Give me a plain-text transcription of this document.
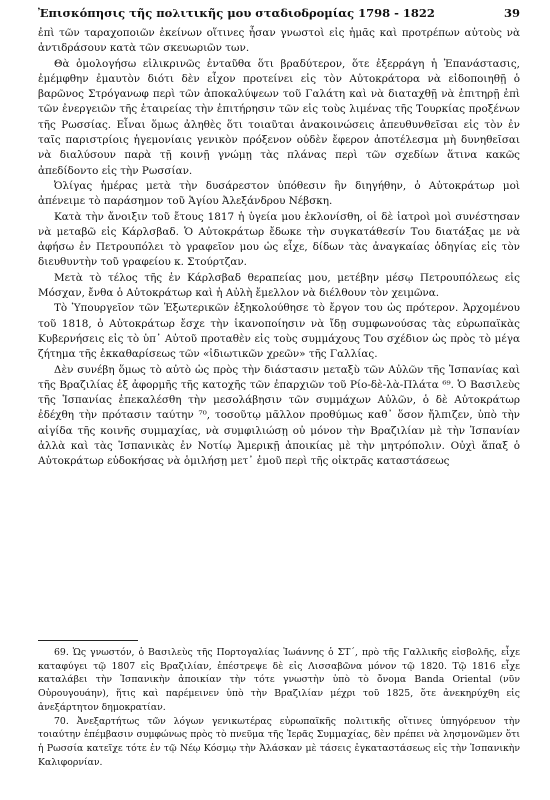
Ἐπισκόπησις τῆς πολιτικῆς μου σταδιοδρομίας 1798 - 1822	39

ἐπὶ τῶν ταραχοποιῶν ἐκείνων οἵτινες ἦσαν γνωστοὶ εἰς ἡμᾶς καὶ προτρέπων αὐτοὺς νὰ ἀντιδράσουν κατὰ τῶν σκευωριῶν των.

Θὰ ὁμολογήσω εἰλικρινῶς ἐνταῦθα ὅτι βραδύτερον, ὅτε ἐξερράγη ἡ Ἐπανάστασις, ἐμέμφθην ἐμαυτὸν διότι δὲν εἶχον προτείνει εἰς τὸν Αὐτοκράτορα νὰ εἰδοποιηθῇ ὁ βαρῶνος Στρόγανωφ περὶ τῶν ἀποκαλύψεων τοῦ Γαλάτη καὶ νὰ διαταχθῇ νὰ ἐπιτηρῇ ἐπὶ τῶν ἐνεργειῶν τῆς ἑταιρείας τὴν ἐπιτήρησιν τῶν εἰς τοὺς λιμένας τῆς Τουρκίας προξένων τῆς Ρωσσίας. Εἶναι ὅμως ἀληθὲς ὅτι τοιαῦται ἀνακοινώσεις ἀπευθυνθεῖσαι εἰς τὸν ἐν ταῖς παριστρίοις ἡγεμονίαις γενικὸν πρόξενον οὐδὲν ἔφερον ἀποτέλεσμα μὴ δυνηθεῖσαι νὰ διαλύσουν παρὰ τῇ κοινῇ γνώμῃ τὰς πλάνας περὶ τῶν σχεδίων ἅτινα κακῶς ἀπεδίδοντο εἰς τὴν Ρωσσίαν.

Ὀλίγας ἡμέρας μετὰ τὴν δυσάρεστον ὑπόθεσιν ἣν διηγήθην, ὁ Αὐτοκράτωρ μοὶ ἀπένειμε τὸ παράσημον τοῦ Ἁγίου Ἀλεξάνδρου Νέβσκη.

Κατὰ τὴν ἄνοιξιν τοῦ ἔτους 1817 ἡ ὑγεία μου ἐκλονίσθη, οἱ δὲ ἰατροὶ μοὶ συνέστησαν νὰ μεταβῶ εἰς Κάρλσβαδ. Ὁ Αὐτοκράτωρ ἔδωκε τὴν συγκατάθεσίν Του διατάξας με νὰ ἀφήσω ἐν Πετρουπόλει τὸ γραφεῖον μου ὡς εἶχε, δίδων τὰς ἀναγκαίας ὁδηγίας εἰς τὸν διευθυντὴν τοῦ γραφείου κ. Στούρτζαν.

Μετὰ τὸ τέλος τῆς ἐν Κάρλσβαδ θεραπείας μου, μετέβην μέσῳ Πετρουπόλεως εἰς Μόσχαν, ἔνθα ὁ Αὐτοκράτωρ καὶ ἡ Αὐλὴ ἔμελλον νὰ διέλθουν τὸν χειμῶνα.

Τὸ Ὑπουργεῖον τῶν Ἐξωτερικῶν ἐξηκολούθησε τὸ ἔργον του ὡς πρότερον. Ἀρχομένου τοῦ 1818, ὁ Αὐτοκράτωρ ἔσχε τὴν ἱκανοποίησιν νὰ ἴδῃ συμφωνούσας τὰς εὐρωπαϊκὰς Κυβερνήσεις εἰς τὸ ὑπ᾽ Αὐτοῦ προταθὲν εἰς τοὺς συμμάχους Του σχέδιον ὡς πρὸς τὸ μέγα ζήτημα τῆς ἐκκαθαρίσεως τῶν «ἰδιωτικῶν χρεῶν» τῆς Γαλλίας.

Δὲν συνέβη ὅμως τὸ αὐτὸ ὡς πρὸς τὴν διάστασιν μεταξὺ τῶν Αὐλῶν τῆς Ἱσπανίας καὶ τῆς Βραζιλίας ἐξ ἀφορμῆς τῆς κατοχῆς τῶν ἐπαρχιῶν τοῦ Ρίο-δὲ-λὰ-Πλάτα ⁶⁹. Ὁ Βασιλεὺς τῆς Ἱσπανίας ἐπεκαλέσθη τὴν μεσολάβησιν τῶν συμμάχων Αὐλῶν, ὁ δὲ Αὐτοκράτωρ ἐδέχθη τὴν πρότασιν ταύτην ⁷⁰, τοσοῦτῳ μᾶλλον προθύμως καθ᾽ ὅσον ἤλπιζεν, ὑπὸ τὴν αἰγίδα τῆς κοινῆς συμμαχίας, νὰ συμφιλιώσῃ οὐ μόνον τὴν Βραζιλίαν μὲ τὴν Ἱσπανίαν ἀλλὰ καὶ τὰς Ἱσπανικὰς ἐν Νοτίῳ Ἀμερικῇ ἀποικίας μὲ τὴν μητρόπολιν. Οὐχὶ ἅπαξ ὁ Αὐτοκράτωρ εὐδοκήσας νὰ ὁμιλήσῃ μετ᾽ ἐμοῦ περὶ τῆς οἰκτρᾶς καταστάσεως

69. Ὡς γνωστόν, ὁ Βασιλεὺς τῆς Πορτογαλίας Ἰωάννης ὁ ΣΤ΄, πρὸ τῆς Γαλλικῆς εἰσβολῆς, εἶχε καταφύγει τῷ 1807 εἰς Βραζιλίαν, ἐπέστρεψε δὲ εἰς Λισσαβῶνα μόνον τῷ 1820. Τῷ 1816 εἶχε καταλάβει τὴν Ἱσπανικὴν ἀποικίαν τὴν τότε γνωστὴν ὑπὸ τὸ ὄνομα Banda Oriental (νῦν Οὐρουγουάην), ἥτις καὶ παρέμεινεν ὑπὸ τὴν Βραζιλίαν μέχρι τοῦ 1825, ὅτε ἀνεκηρύχθη εἰς ἀνεξάρτητον δημοκρατίαν.

70. Ἀνεξαρτήτως τῶν λόγων γενικωτέρας εὐρωπαϊκῆς πολιτικῆς οἵτινες ὑπηγόρευον τὴν τοιαύτην ἐπέμβασιν συμφώνως πρὸς τὸ πνεῦμα τῆς Ἱερᾶς Συμμαχίας, δὲν πρέπει νὰ λησμονῶμεν ὅτι ἡ Ρωσσία κατεῖχε τότε ἐν τῷ Νέῳ Κόσμῳ τὴν Ἀλάσκαν μὲ τάσεις ἐγκαταστάσεως εἰς τὴν Ἱσπανικὴν Καλιφορνίαν.
